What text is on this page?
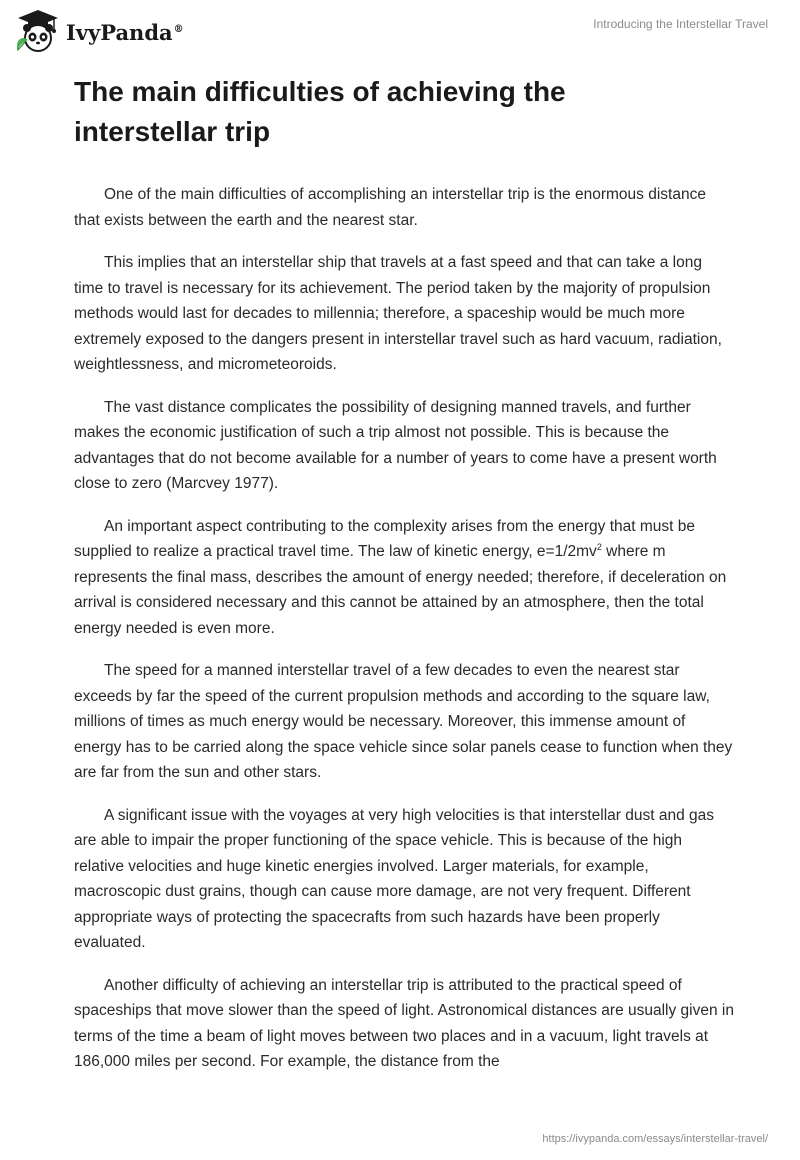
IvyPanda®	Introducing the Interstellar Travel
The main difficulties of achieving the interstellar trip

One of the main difficulties of accomplishing an interstellar trip is the enormous distance that exists between the earth and the nearest star.

This implies that an interstellar ship that travels at a fast speed and that can take a long time to travel is necessary for its achievement. The period taken by the majority of propulsion methods would last for decades to millennia; therefore, a spaceship would be much more extremely exposed to the dangers present in interstellar travel such as hard vacuum, radiation, weightlessness, and micrometeoroids.

The vast distance complicates the possibility of designing manned travels, and further makes the economic justification of such a trip almost not possible. This is because the advantages that do not become available for a number of years to come have a present worth close to zero (Marcvey 1977).

An important aspect contributing to the complexity arises from the energy that must be supplied to realize a practical travel time. The law of kinetic energy, $e=1/2mv^2$ where m represents the final mass, describes the amount of energy needed; therefore, if deceleration on arrival is considered necessary and this cannot be attained by an atmosphere, then the total energy needed is even more.

The speed for a manned interstellar travel of a few decades to even the nearest star exceeds by far the speed of the current propulsion methods and according to the square law, millions of times as much energy would be necessary. Moreover, this immense amount of energy has to be carried along the space vehicle since solar panels cease to function when they are far from the sun and other stars.

A significant issue with the voyages at very high velocities is that interstellar dust and gas are able to impair the proper functioning of the space vehicle. This is because of the high relative velocities and huge kinetic energies involved. Larger materials, for example, macroscopic dust grains, though can cause more damage, are not very frequent. Different appropriate ways of protecting the spacecrafts from such hazards have been properly evaluated.

Another difficulty of achieving an interstellar trip is attributed to the practical speed of spaceships that move slower than the speed of light. Astronomical distances are usually given in terms of the time a beam of light moves between two places and in a vacuum, light travels at 186,000 miles per second. For example, the distance from the

https://ivypanda.com/essays/interstellar-travel/
